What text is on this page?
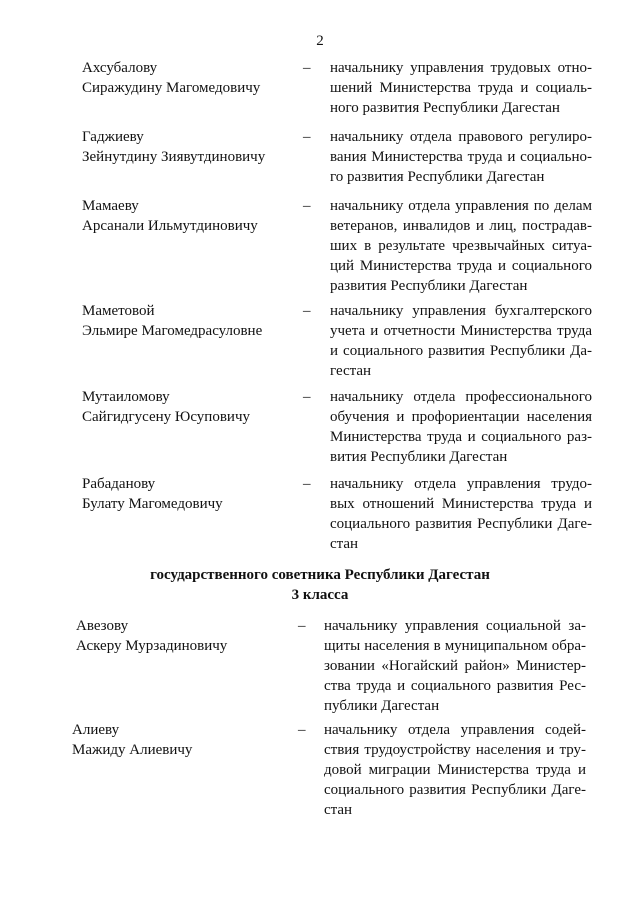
2
Ахсубалову
Сиражудину Магомедовичу
– начальнику управления трудовых отно-
шений Министерства труда и социаль-
ного развития Республики Дагестан
Гаджиеву
Зейнутдину Зиявутдиновичу
– начальнику отдела правового регулиро-
вания Министерства труда и социально-
го развития Республики Дагестан
Мамаеву
Арсанали Ильмутдиновичу
– начальнику отдела управления по делам
ветеранов, инвалидов и лиц, пострадав-
ших в результате чрезвычайных ситуа-
ций Министерства труда и социального
развития Республики Дагестан
Маметовой
Эльмире Магомедрасуловне
– начальнику управления бухгалтерского
учета и отчетности Министерства труда
и социального развития Республики Да-
гестан
Мутаиломову
Сайгидгусену Юсуповичу
– начальнику отдела профессионального
обучения и профориентации населения
Министерства труда и социального раз-
вития Республики Дагестан
Рабаданову
Булату Магомедовичу
– начальнику отдела управления трудо-
вых отношений Министерства труда и
социального развития Республики Даге-
стан
государственного советника Республики Дагестан
3 класса
Авезову
Аскеру Мурзадиновичу
– начальнику управления социальной за-
щиты населения в муниципальном обра-
зовании «Ногайский район» Министер-
ства труда и социального развития Рес-
публики Дагестан
Алиеву
Мажиду Алиевичу
– начальнику отдела управления содей-
ствия трудоустройству населения и тру-
довой миграции Министерства труда и
социального развития Республики Даге-
стан
